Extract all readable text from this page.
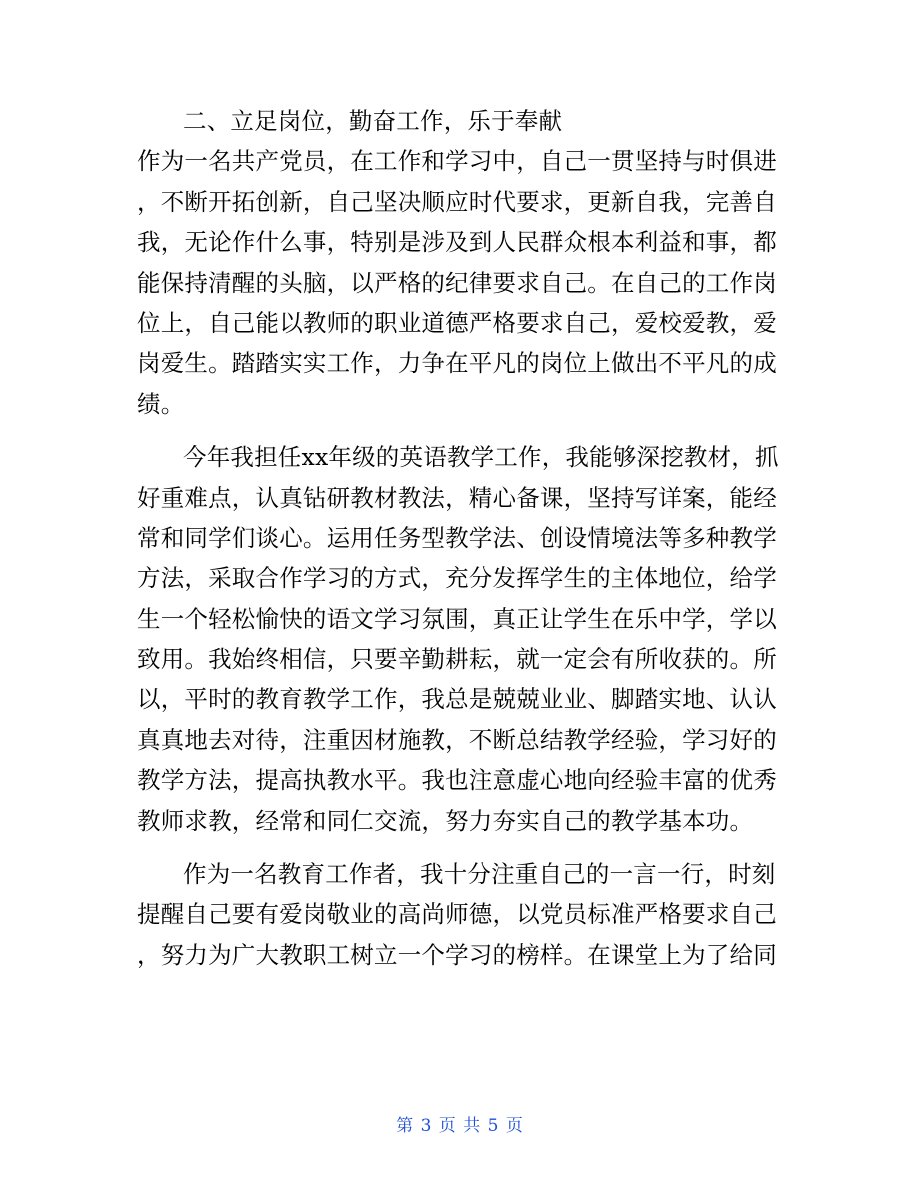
二、立足岗位，勤奋工作，乐于奉献
作为一名共产党员，在工作和学习中，自己一贯坚持与时俱进
，不断开拓创新，自己坚决顺应时代要求，更新自我，完善自
我，无论作什么事，特别是涉及到人民群众根本利益和事，都
能保持清醒的头脑，以严格的纪律要求自己。在自己的工作岗
位上，自己能以教师的职业道德严格要求自己，爱校爱教，爱
岗爱生。踏踏实实工作，力争在平凡的岗位上做出不平凡的成
绩。
今年我担任xx年级的英语教学工作，我能够深挖教材，抓
好重难点，认真钻研教材教法，精心备课，坚持写详案，能经
常和同学们谈心。运用任务型教学法、创设情境法等多种教学
方法，采取合作学习的方式，充分发挥学生的主体地位，给学
生一个轻松愉快的语文学习氛围，真正让学生在乐中学，学以
致用。我始终相信，只要辛勤耕耘，就一定会有所收获的。所
以，平时的教育教学工作，我总是兢兢业业、脚踏实地、认认
真真地去对待，注重因材施教，不断总结教学经验，学习好的
教学方法，提高执教水平。我也注意虚心地向经验丰富的优秀
教师求教，经常和同仁交流，努力夯实自己的教学基本功。
作为一名教育工作者，我十分注重自己的一言一行，时刻
提醒自己要有爱岗敬业的高尚师德，以党员标准严格要求自己
，努力为广大教职工树立一个学习的榜样。在课堂上为了给同
第 3 页 共 5 页
